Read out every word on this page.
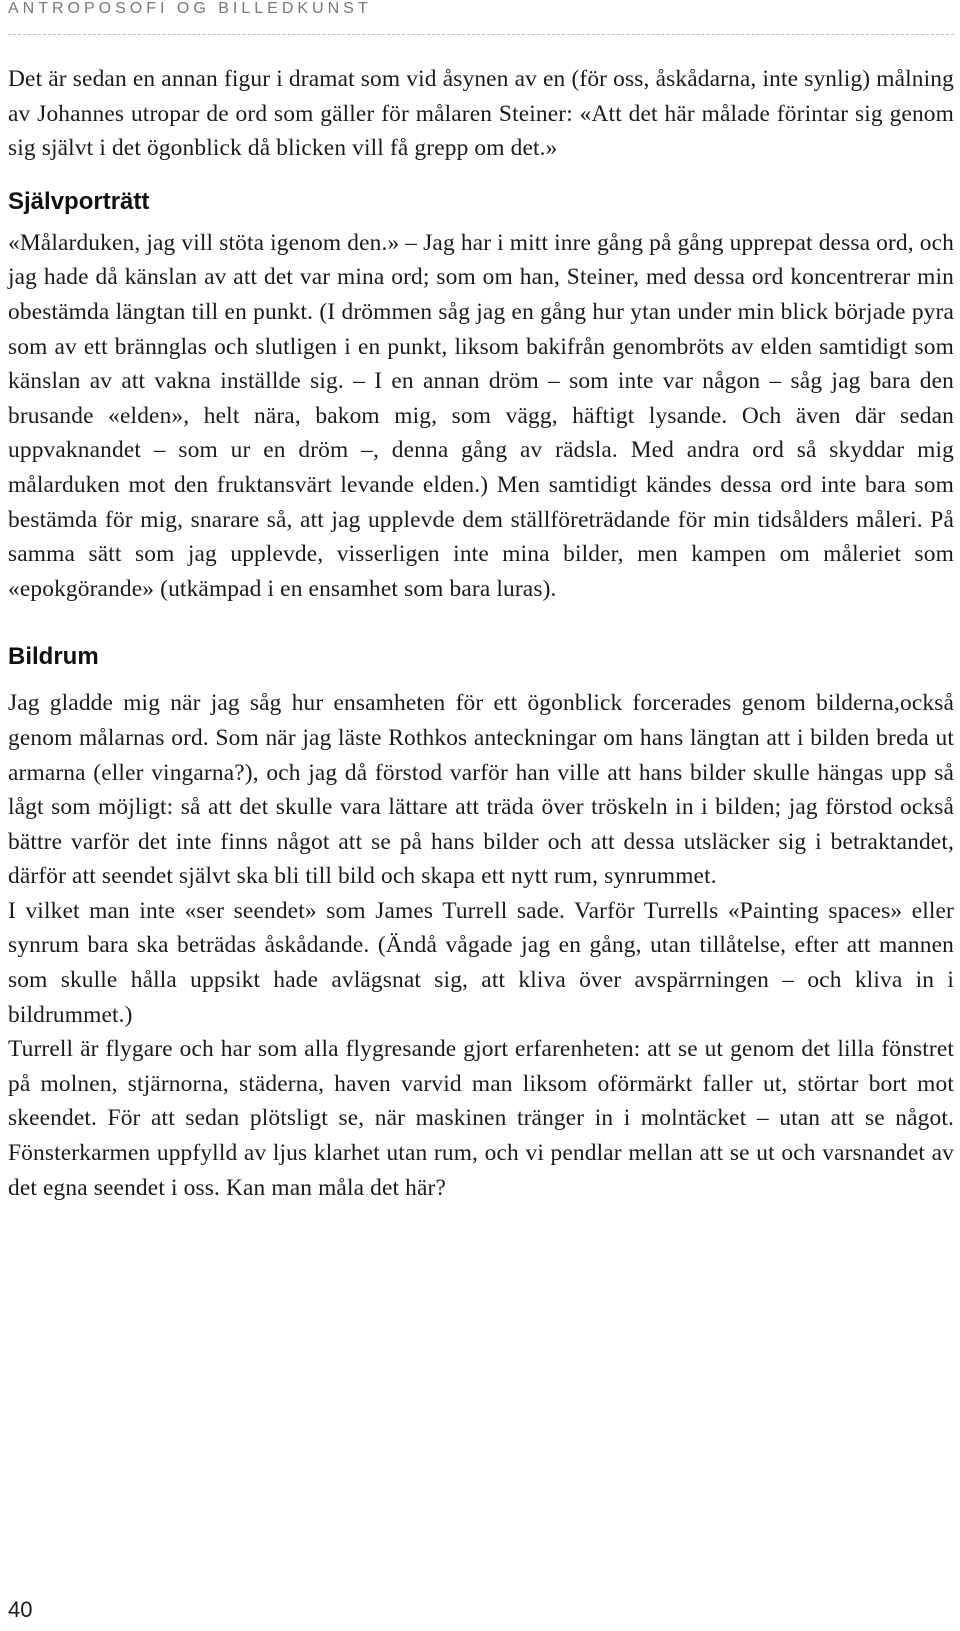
ANTROPOSOFI OG BILLEDKUNST

Det är sedan en annan figur i dramat som vid åsynen av en (för oss, åskådarna, inte synlig) målning av Johannes utropar de ord som gäller för målaren Steiner: «Att det här målade förintar sig genom sig självt i det ögonblick då blicken vill få grepp om det.»

Självporträtt

«Målarduken, jag vill stöta igenom den.» – Jag har i mitt inre gång på gång upprepat dessa ord, och jag hade då känslan av att det var mina ord; som om han, Steiner, med dessa ord koncentrerar min obestämda längtan till en punkt. (I drömmen såg jag en gång hur ytan under min blick började pyra som av ett brännglas och slutligen i en punkt, liksom bakifrån genombröts av elden samtidigt som känslan av att vakna inställde sig. – I en annan dröm – som inte var någon – såg jag bara den brusande «elden», helt nära, bakom mig, som vägg, häftigt lysande. Och även där sedan uppvaknandet – som ur en dröm –, denna gång av rädsla. Med andra ord så skyddar mig målarduken mot den fruktansvärt levande elden.) Men samtidigt kändes dessa ord inte bara som bestämda för mig, snarare så, att jag upplevde dem ställföreträdande för min tidsålders måleri. På samma sätt som jag upplevde, visserligen inte mina bilder, men kampen om måleriet som «epokgörande» (utkämpad i en ensamhet som bara luras).

Bildrum

Jag gladde mig när jag såg hur ensamheten för ett ögonblick forcerades genom bilderna,också genom målarnas ord. Som när jag läste Rothkos anteckningar om hans längtan att i bilden breda ut armarna (eller vingarna?), och jag då förstod varför han ville att hans bilder skulle hängas upp så lågt som möjligt: så att det skulle vara lättare att träda över tröskeln in i bilden; jag förstod också bättre varför det inte finns något att se på hans bilder och att dessa utsläcker sig i betraktandet, därför att seendet självt ska bli till bild och skapa ett nytt rum, synrummet.

I vilket man inte «ser seendet» som James Turrell sade. Varför Turrells «Painting spaces» eller synrum bara ska beträdas åskådande. (Ändå vågade jag en gång, utan tillåtelse, efter att mannen som skulle hålla uppsikt hade avlägsnat sig, att kliva över avspärrningen – och kliva in i bildrummet.)

Turrell är flygare och har som alla flygresande gjort erfarenheten: att se ut genom det lilla fönstret på molnen, stjärnorna, städerna, haven varvid man liksom oförmärkt faller ut, störtar bort mot skeendet. För att sedan plötsligt se, när maskinen tränger in i molntäcket – utan att se något. Fönsterkarmen uppfylld av ljus klarhet utan rum, och vi pendlar mellan att se ut och varsnandet av det egna seendet i oss. Kan man måla det här?

40
